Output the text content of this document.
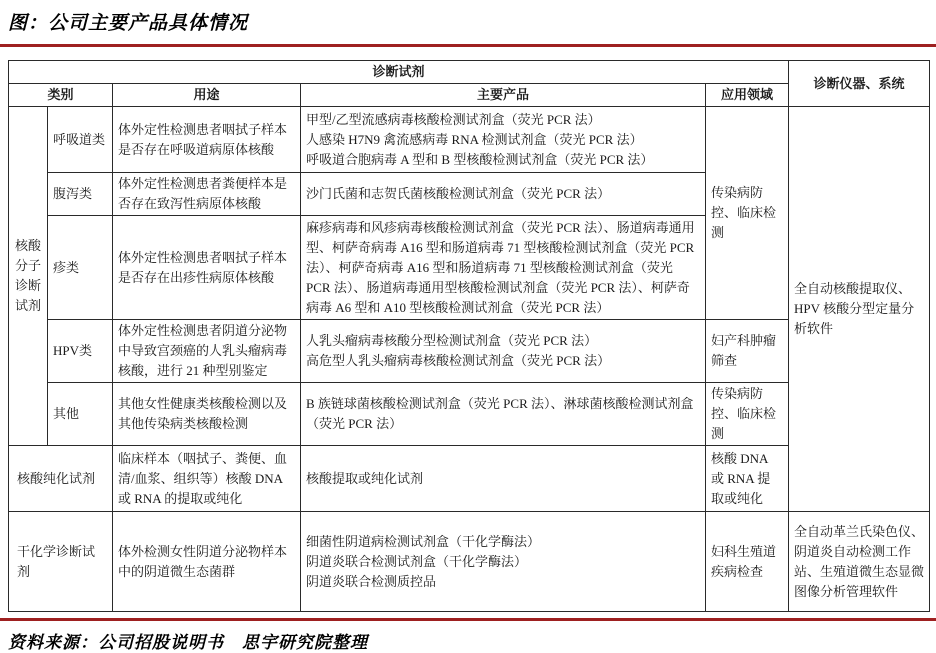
图：公司主要产品具体情况
诊断试剂					诊断仪器、系统
类别		用途	主要产品	应用领域	
核酸分子诊断试剂	呼吸道类	体外定性检测患者咽拭子样本是否存在呼吸道病原体核酸	甲型/乙型流感病毒核酸检测试剂盒（荧光 PCR 法）
人感染 H7N9 禽流感病毒 RNA 检测试剂盒（荧光 PCR 法）
呼吸道合胞病毒 A 型和 B 型核酸检测试剂盒（荧光 PCR 法）	传染病防控、临床检测	全自动核酸提取仪、HPV 核酸分型定量分析软件
	腹泻类	体外定性检测患者粪便样本是否存在致泻性病原体核酸	沙门氏菌和志贺氏菌核酸检测试剂盒（荧光 PCR 法）		

	疹类	体外定性检测患者咽拭子样本是否存在出疹性病原体核酸	麻疹病毒和风疹病毒核酸检测试剂盒（荧光 PCR 法）、肠道病毒通用型、柯萨奇病毒 A16 型和肠道病毒 71 型核酸检测试剂盒（荧光 PCR 法）、柯萨奇病毒 A16 型和肠道病毒 71 型核酸检测试剂盒（荧光 PCR 法）、肠道病毒通用型核酸检测试剂盒（荧光 PCR 法）、柯萨奇病毒 A6 型和 A10 型核酸检测试剂盒（荧光 PCR 法）		
	HPV类	体外定性检测患者阴道分泌物中导致宫颈癌的人乳头瘤病毒核酸，进行 21 种型别鉴定	人乳头瘤病毒核酸分型检测试剂盒（荧光 PCR 法）
高危型人乳头瘤病毒核酸检测试剂盒（荧光 PCR 法）	妇产科肿瘤筛查	
	其他	其他女性健康类核酸检测以及其他传染病类核酸检测	B 族链球菌核酸检测试剂盒（荧光 PCR 法）、淋球菌核酸检测试剂盒（荧光 PCR 法）	传染病防控、临床检测	
核酸纯化试剂		临床样本（咽拭子、粪便、血清/血浆、组织等）核酸 DNA 或 RNA 的提取或纯化	核酸提取或纯化试剂	核酸 DNA 或 RNA 提取或纯化	
干化学诊断试剂		体外检测女性阴道分泌物样本中的阴道微生态菌群	细菌性阴道病检测试剂盒（干化学酶法）
阴道炎联合检测试剂盒（干化学酶法）
阴道炎联合检测质控品	妇科生殖道疾病检查	全自动革兰氏染色仪、阴道炎自动检测工作站、生殖道微生态显微图像分析管理软件
资料来源：公司招股说明书　思宇研究院整理
